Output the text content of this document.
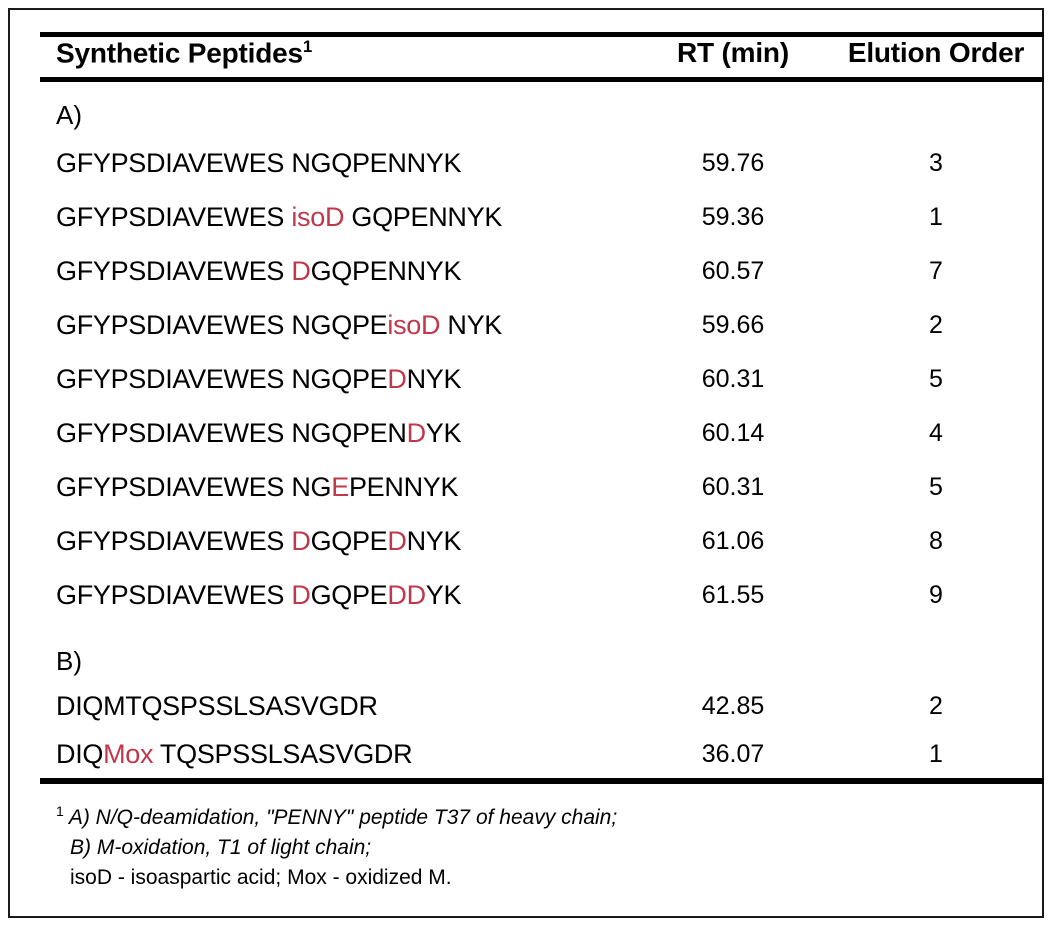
Synthetic Peptides$^1$	RT (min)	Elution Order
A)
GFYPSDIAVEWES NGQPENNYK	59.76	3
GFYPSDIAVEWES isoD GQPENNYK	59.36	1
GFYPSDIAVEWES DGQPENNYK	60.57	7
GFYPSDIAVEWES NGQPEisoD NYK	59.66	2
GFYPSDIAVEWES NGQPEDNYK	60.31	5
GFYPSDIAVEWES NGQPENDYK	60.14	4
GFYPSDIAVEWES NGEPENNYK	60.31	5
GFYPSDIAVEWES DGQPEDNYK	61.06	8
GFYPSDIAVEWES DGQPEDDYK	61.55	9
B)
DIQMTQSPSSLSASVGDR	42.85	2
DIQMox TQSPSSLSASVGDR	36.07	1
$^1$ A) N/Q-deamidation, "PENNY" peptide T37 of heavy chain;
B) M-oxidation, T1 of light chain;
isoD - isoaspartic acid; Mox - oxidized M.
